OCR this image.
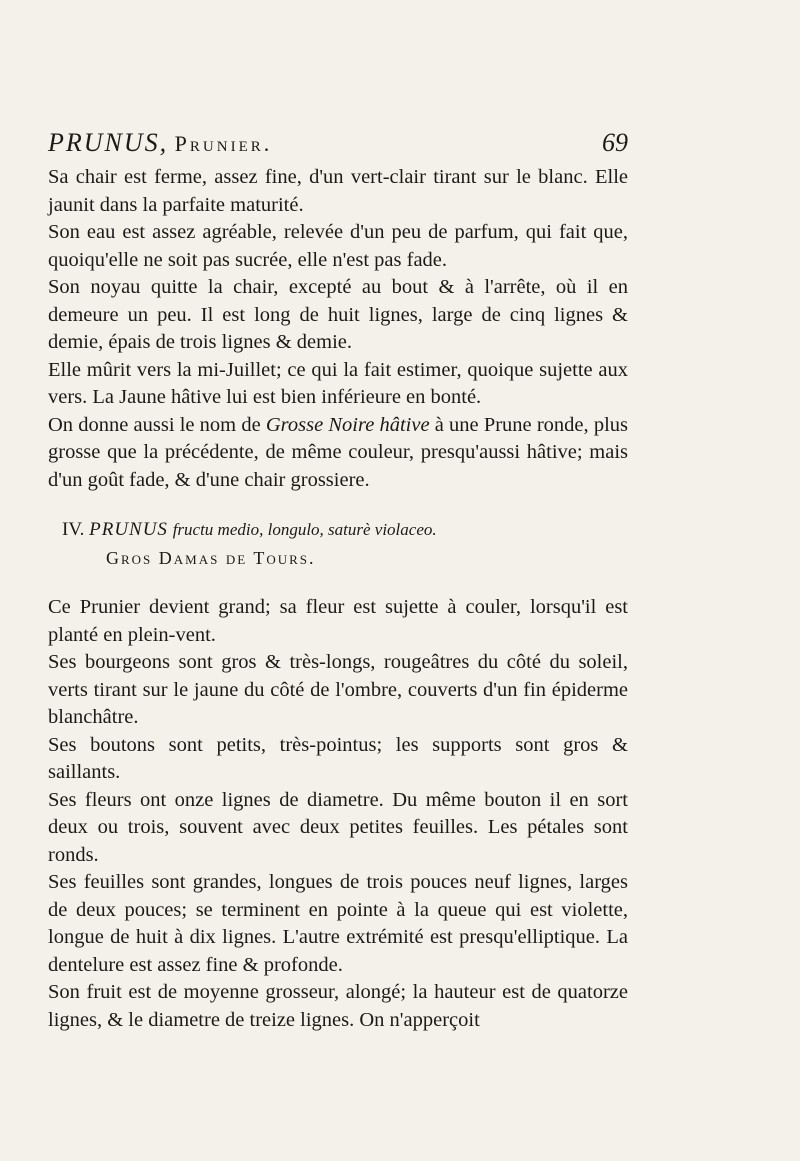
PRUNUS, Prunier.	69

Sa chair est ferme, assez fine, d'un vert-clair tirant sur le blanc. Elle jaunit dans la parfaite maturité.

Son eau est assez agréable, relevée d'un peu de parfum, qui fait que, quoiqu'elle ne soit pas sucrée, elle n'est pas fade.

Son noyau quitte la chair, excepté au bout & à l'arrête, où il en demeure un peu. Il est long de huit lignes, large de cinq lignes & demie, épais de trois lignes & demie.

Elle mûrit vers la mi-Juillet; ce qui la fait estimer, quoique sujette aux vers. La Jaune hâtive lui est bien inférieure en bonté.

On donne aussi le nom de Grosse Noire hâtive à une Prune ronde, plus grosse que la précédente, de même couleur, presqu'aussi hâtive; mais d'un goût fade, & d'une chair grossiere.

IV. PRUNUS fructu medio, longulo, saturè violaceo.
Gros Damas de Tours.

Ce Prunier devient grand; sa fleur est sujette à couler, lorsqu'il est planté en plein-vent.

Ses bourgeons sont gros & très-longs, rougeâtres du côté du soleil, verts tirant sur le jaune du côté de l'ombre, couverts d'un fin épiderme blanchâtre.

Ses boutons sont petits, très-pointus; les supports sont gros & saillants.

Ses fleurs ont onze lignes de diametre. Du même bouton il en sort deux ou trois, souvent avec deux petites feuilles. Les pétales sont ronds.

Ses feuilles sont grandes, longues de trois pouces neuf lignes, larges de deux pouces; se terminent en pointe à la queue qui est violette, longue de huit à dix lignes. L'autre extrémité est presqu'elliptique. La dentelure est assez fine & profonde.

Son fruit est de moyenne grosseur, alongé; la hauteur est de quatorze lignes, & le diametre de treize lignes. On n'apperçoit
